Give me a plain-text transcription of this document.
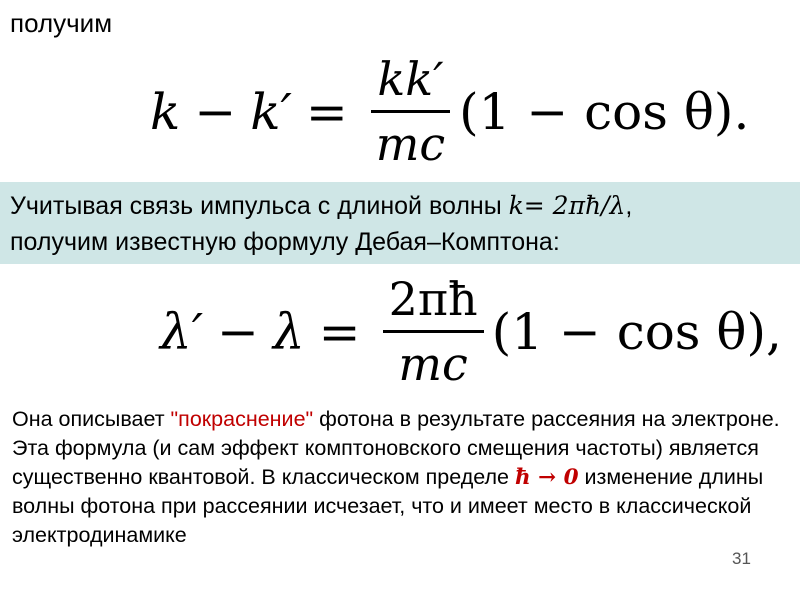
получим
$k - k' = \frac{kk'}{mc} (1 - \cos \theta)$.
Учитывая связь импульса с длиной волны k= 2πħ/λ,
получим известную формулу Дебая–Комптона:
$\lambda' - \lambda = \frac{2\pi ħ}{mc} (1 - \cos \theta)$,
Она описывает "покраснение" фотона в результате рассеяния на электроне. Эта формула (и сам эффект комптоновского смещения частоты) является существенно квантовой. В классическом пределе ħ → 0 изменение длины волны фотона при рассеянии исчезает, что и имеет место в классической электродинамике
31
